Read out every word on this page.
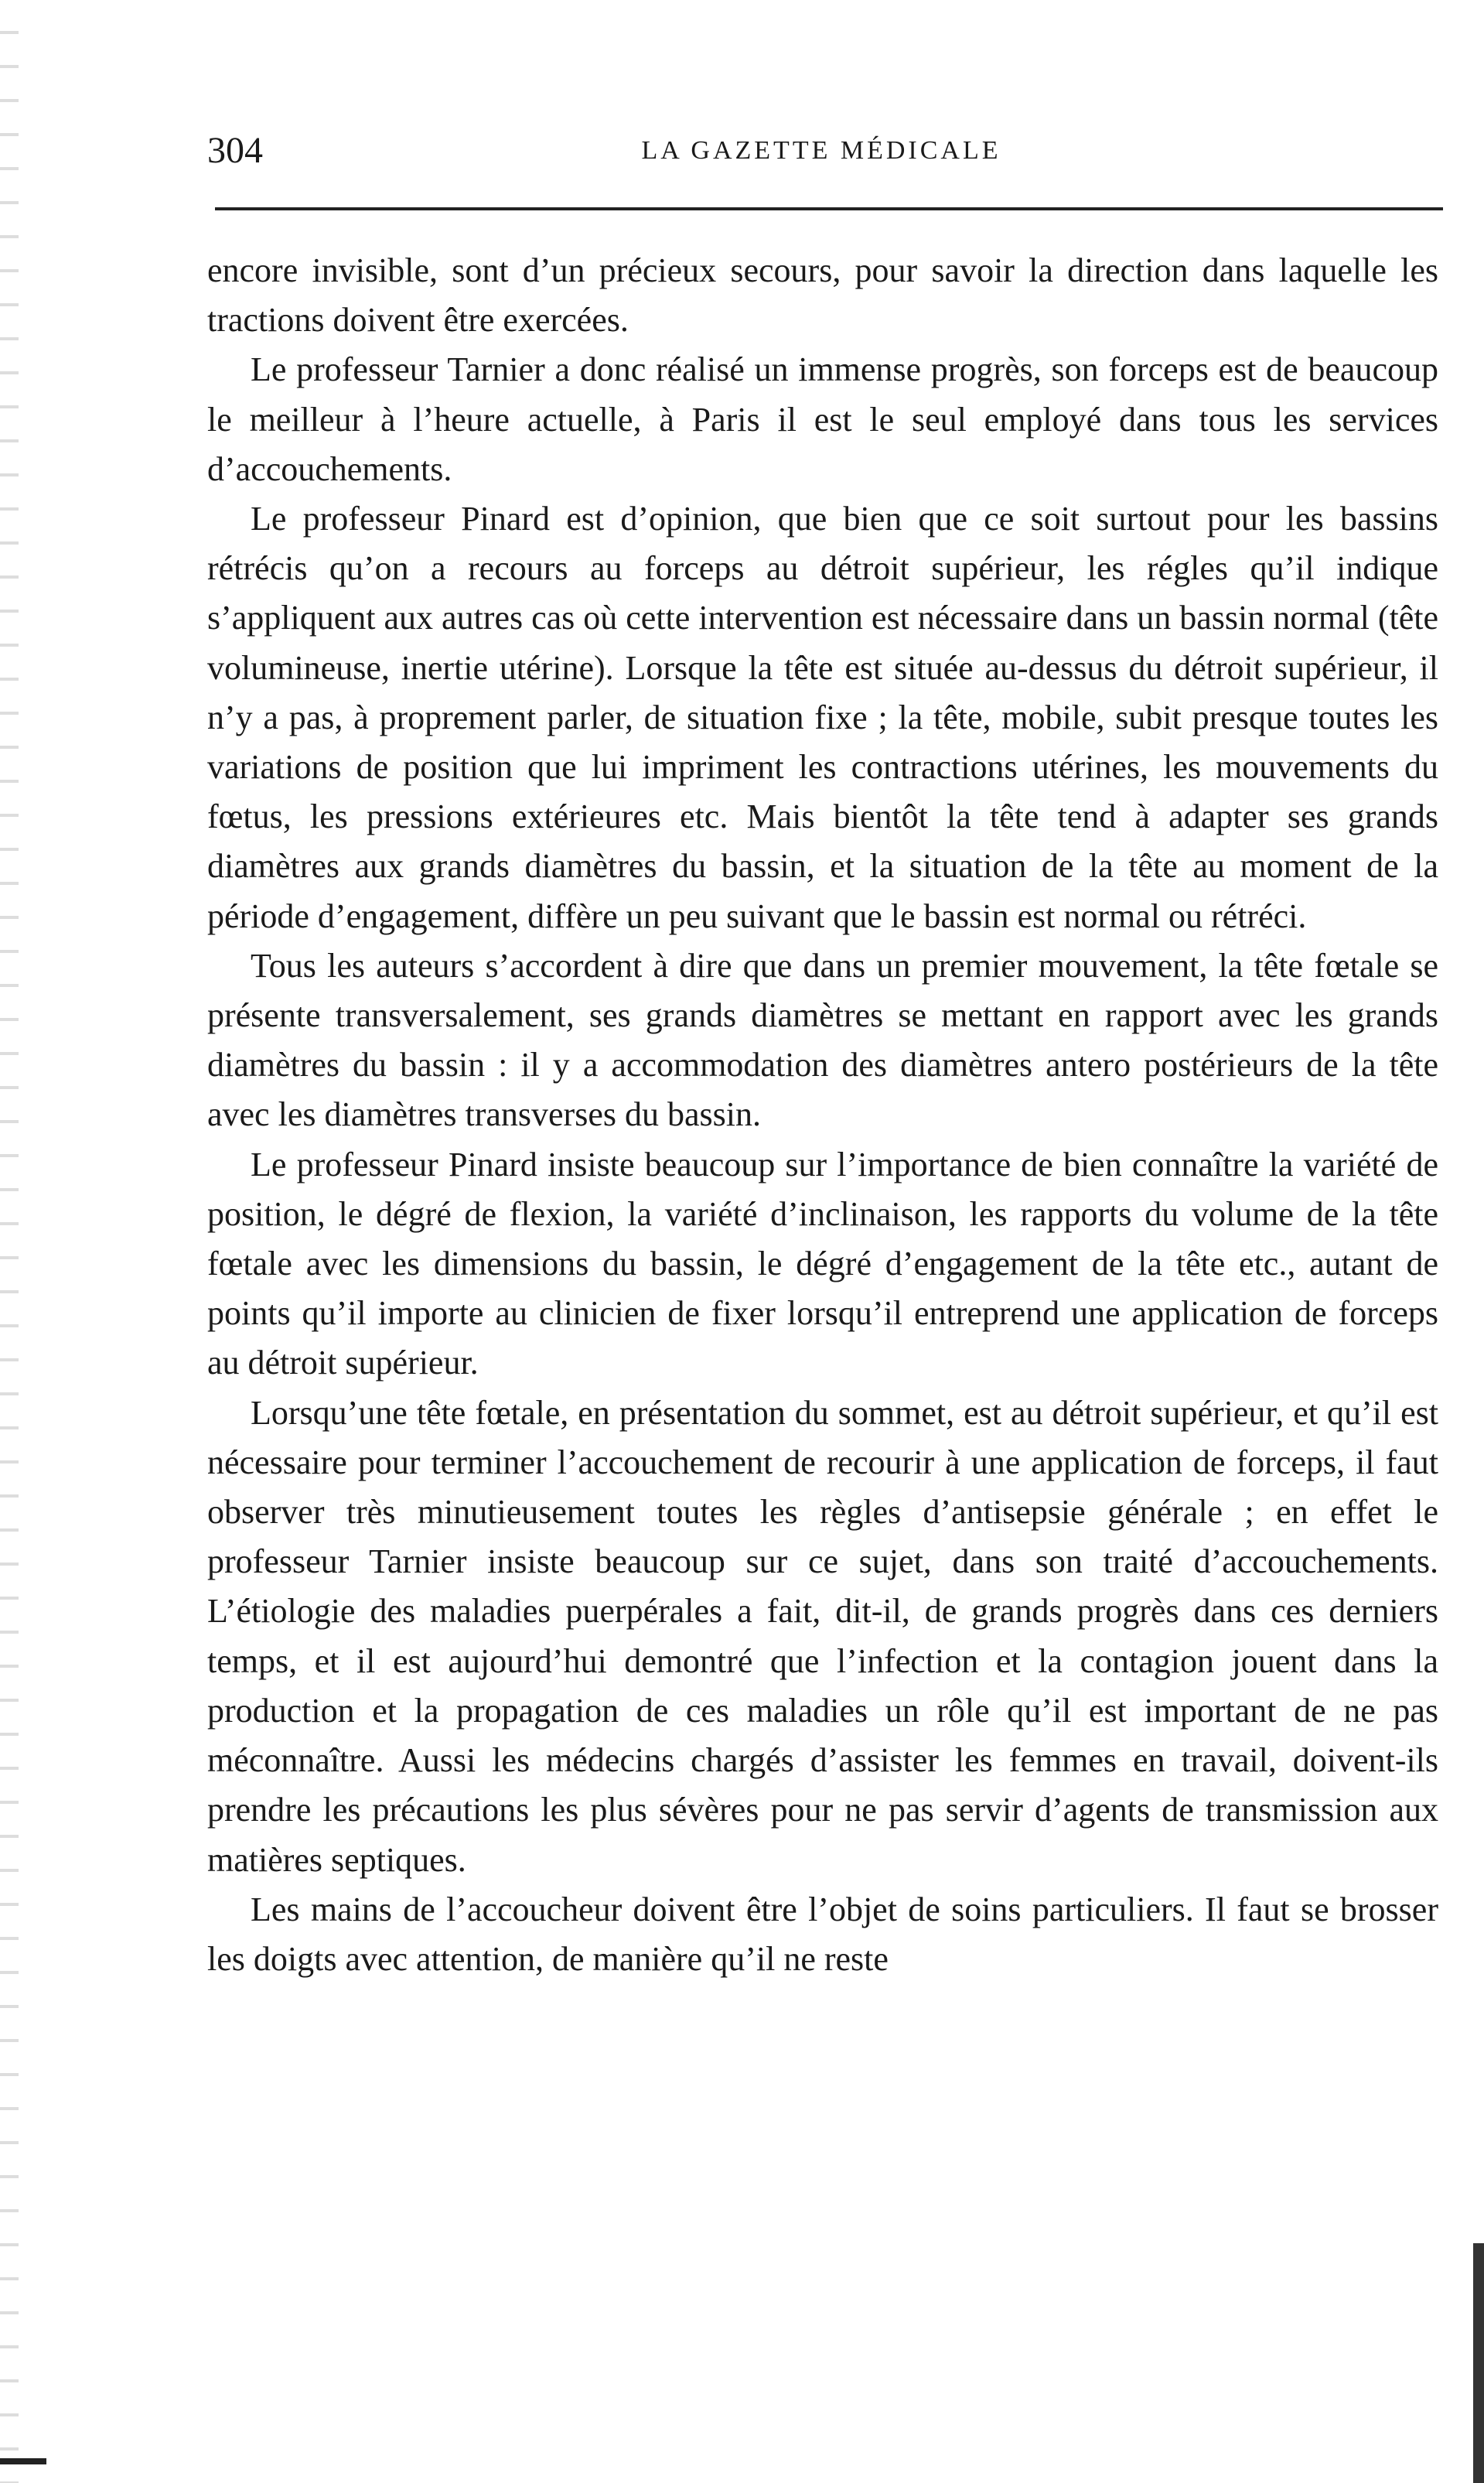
304	LA GAZETTE MÉDICALE

encore invisible, sont d’un précieux secours, pour savoir la direction dans laquelle les tractions doivent être exercées.

Le professeur Tarnier a donc réalisé un immense progrès, son forceps est de beaucoup le meilleur à l’heure actuelle, à Paris il est le seul employé dans tous les services d’accouchements.

Le professeur Pinard est d’opinion, que bien que ce soit surtout pour les bassins rétrécis qu’on a recours au forceps au détroit supérieur, les régles qu’il indique s’appliquent aux autres cas où cette intervention est nécessaire dans un bassin normal (tête volumineuse, inertie utérine). Lorsque la tête est située au-dessus du détroit supérieur, il n’y a pas, à proprement parler, de situation fixe ; la tête, mobile, subit presque toutes les variations de position que lui impriment les contractions utérines, les mouvements du fœtus, les pressions extérieures etc. Mais bientôt la tête tend à adapter ses grands diamètres aux grands diamètres du bassin, et la situation de la tête au moment de la période d’engagement, diffère un peu suivant que le bassin est normal ou rétréci.

Tous les auteurs s’accordent à dire que dans un premier mouvement, la tête fœtale se présente transversalement, ses grands diamètres se mettant en rapport avec les grands diamètres du bassin : il y a accommodation des diamètres antero postérieurs de la tête avec les diamètres transverses du bassin.

Le professeur Pinard insiste beaucoup sur l’importance de bien connaître la variété de position, le dégré de flexion, la variété d’inclinaison, les rapports du volume de la tête fœtale avec les dimensions du bassin, le dégré d’engagement de la tête etc., autant de points qu’il importe au clinicien de fixer lorsqu’il entreprend une application de forceps au détroit supérieur.

Lorsqu’une tête fœtale, en présentation du sommet, est au détroit supérieur, et qu’il est nécessaire pour terminer l’accouchement de recourir à une application de forceps, il faut observer très minutieusement toutes les règles d’antisepsie générale ; en effet le professeur Tarnier insiste beaucoup sur ce sujet, dans son traité d’accouchements. L’étiologie des maladies puerpérales a fait, dit-il, de grands progrès dans ces derniers temps, et il est aujourd’hui demontré que l’infection et la contagion jouent dans la production et la propagation de ces maladies un rôle qu’il est important de ne pas méconnaître. Aussi les médecins chargés d’assister les femmes en travail, doivent-ils prendre les précautions les plus sévères pour ne pas servir d’agents de transmission aux matières septiques.

Les mains de l’accoucheur doivent être l’objet de soins particuliers. Il faut se brosser les doigts avec attention, de manière qu’il ne reste
